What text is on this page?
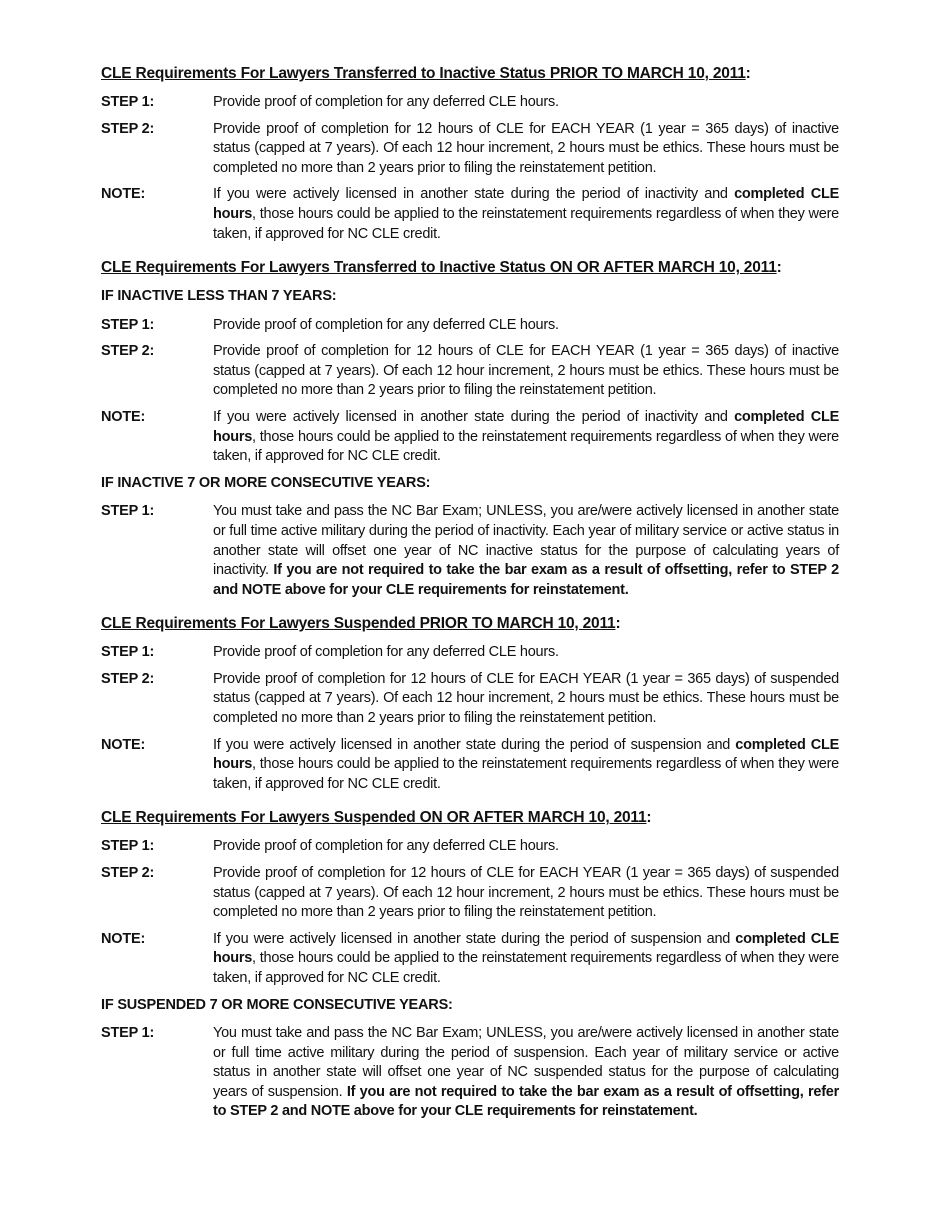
CLE Requirements For Lawyers Transferred to Inactive Status PRIOR TO MARCH 10, 2011:
STEP 1:	Provide proof of completion for any deferred CLE hours.
STEP 2:	Provide proof of completion for 12 hours of CLE for EACH YEAR (1 year = 365 days) of inactive status (capped at 7 years). Of each 12 hour increment, 2 hours must be ethics. These hours must be completed no more than 2 years prior to filing the reinstatement petition.
NOTE:	If you were actively licensed in another state during the period of inactivity and completed CLE hours, those hours could be applied to the reinstatement requirements regardless of when they were taken, if approved for NC CLE credit.
CLE Requirements For Lawyers Transferred to Inactive Status ON OR AFTER MARCH 10, 2011:
IF INACTIVE LESS THAN 7 YEARS:
STEP 1:	Provide proof of completion for any deferred CLE hours.
STEP 2:	Provide proof of completion for 12 hours of CLE for EACH YEAR (1 year = 365 days) of inactive status (capped at 7 years). Of each 12 hour increment, 2 hours must be ethics. These hours must be completed no more than 2 years prior to filing the reinstatement petition.
NOTE:	If you were actively licensed in another state during the period of inactivity and completed CLE hours, those hours could be applied to the reinstatement requirements regardless of when they were taken, if approved for NC CLE credit.
IF INACTIVE 7 OR MORE CONSECUTIVE YEARS:
STEP 1:	You must take and pass the NC Bar Exam; UNLESS, you are/were actively licensed in another state or full time active military during the period of inactivity. Each year of military service or active status in another state will offset one year of NC inactive status for the purpose of calculating years of inactivity. If you are not required to take the bar exam as a result of offsetting, refer to STEP 2 and NOTE above for your CLE requirements for reinstatement.
CLE Requirements For Lawyers Suspended PRIOR TO MARCH 10, 2011:
STEP 1:	Provide proof of completion for any deferred CLE hours.
STEP 2:	Provide proof of completion for 12 hours of CLE for EACH YEAR (1 year = 365 days) of suspended status (capped at 7 years). Of each 12 hour increment, 2 hours must be ethics. These hours must be completed no more than 2 years prior to filing the reinstatement petition.
NOTE:	If you were actively licensed in another state during the period of suspension and completed CLE hours, those hours could be applied to the reinstatement requirements regardless of when they were taken, if approved for NC CLE credit.
CLE Requirements For Lawyers Suspended ON OR AFTER MARCH 10, 2011:
STEP 1:	Provide proof of completion for any deferred CLE hours.
STEP 2:	Provide proof of completion for 12 hours of CLE for EACH YEAR (1 year = 365 days) of suspended status (capped at 7 years). Of each 12 hour increment, 2 hours must be ethics. These hours must be completed no more than 2 years prior to filing the reinstatement petition.
NOTE:	If you were actively licensed in another state during the period of suspension and completed CLE hours, those hours could be applied to the reinstatement requirements regardless of when they were taken, if approved for NC CLE credit.
IF SUSPENDED 7 OR MORE CONSECUTIVE YEARS:
STEP 1:	You must take and pass the NC Bar Exam; UNLESS, you are/were actively licensed in another state or full time active military during the period of suspension. Each year of military service or active status in another state will offset one year of NC suspended status for the purpose of calculating years of suspension. If you are not required to take the bar exam as a result of offsetting, refer to STEP 2 and NOTE above for your CLE requirements for reinstatement.
